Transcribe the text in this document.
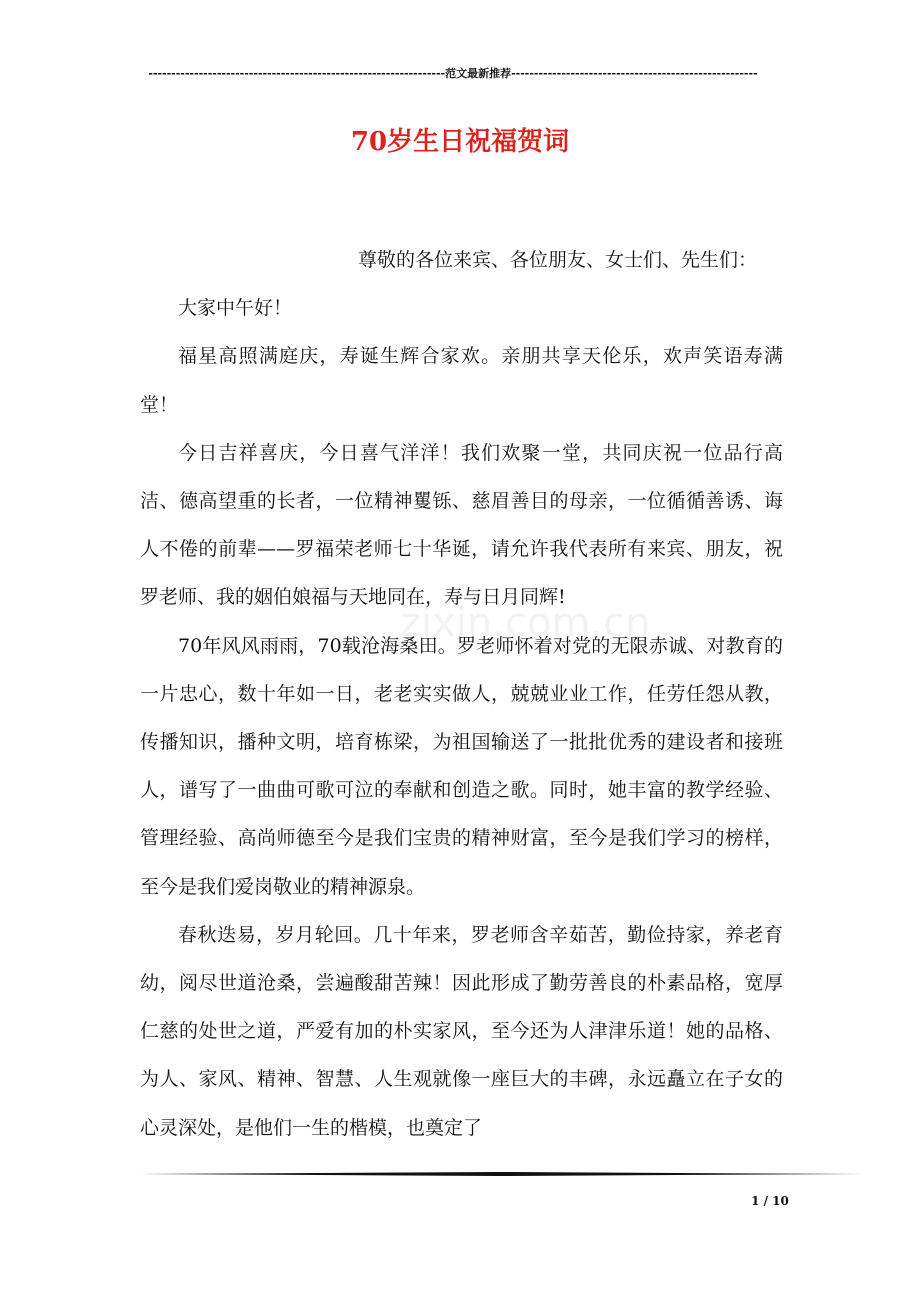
-----------------------------------------------------------------范文最新推荐------------------------------------------------------
70岁生日祝福贺词
zixin.com.cn

尊敬的各位来宾、各位朋友、女士们、先生们：

大家中午好！

福星高照满庭庆，寿诞生辉合家欢。亲朋共享天伦乐，欢声笑语寿满堂！

今日吉祥喜庆，今日喜气洋洋！我们欢聚一堂，共同庆祝一位品行高洁、德高望重的长者，一位精神矍铄、慈眉善目的母亲，一位循循善诱、诲人不倦的前辈——罗福荣老师七十华诞，请允许我代表所有来宾、朋友，祝罗老师、我的姻伯娘福与天地同在，寿与日月同辉!

70年风风雨雨，70载沧海桑田。罗老师怀着对党的无限赤诚、对教育的一片忠心，数十年如一日，老老实实做人，兢兢业业工作，任劳任怨从教，传播知识，播种文明，培育栋梁，为祖国输送了一批批优秀的建设者和接班人，谱写了一曲曲可歌可泣的奉献和创造之歌。同时，她丰富的教学经验、管理经验、高尚师德至今是我们宝贵的精神财富，至今是我们学习的榜样，至今是我们爱岗敬业的精神源泉。

春秋迭易，岁月轮回。几十年来，罗老师含辛茹苦，勤俭持家，养老育幼，阅尽世道沧桑，尝遍酸甜苦辣！因此形成了勤劳善良的朴素品格，宽厚仁慈的处世之道，严爱有加的朴实家风，至今还为人津津乐道！她的品格、为人、家风、精神、智慧、人生观就像一座巨大的丰碑，永远矗立在子女的心灵深处，是他们一生的楷模，也奠定了

1 / 10
